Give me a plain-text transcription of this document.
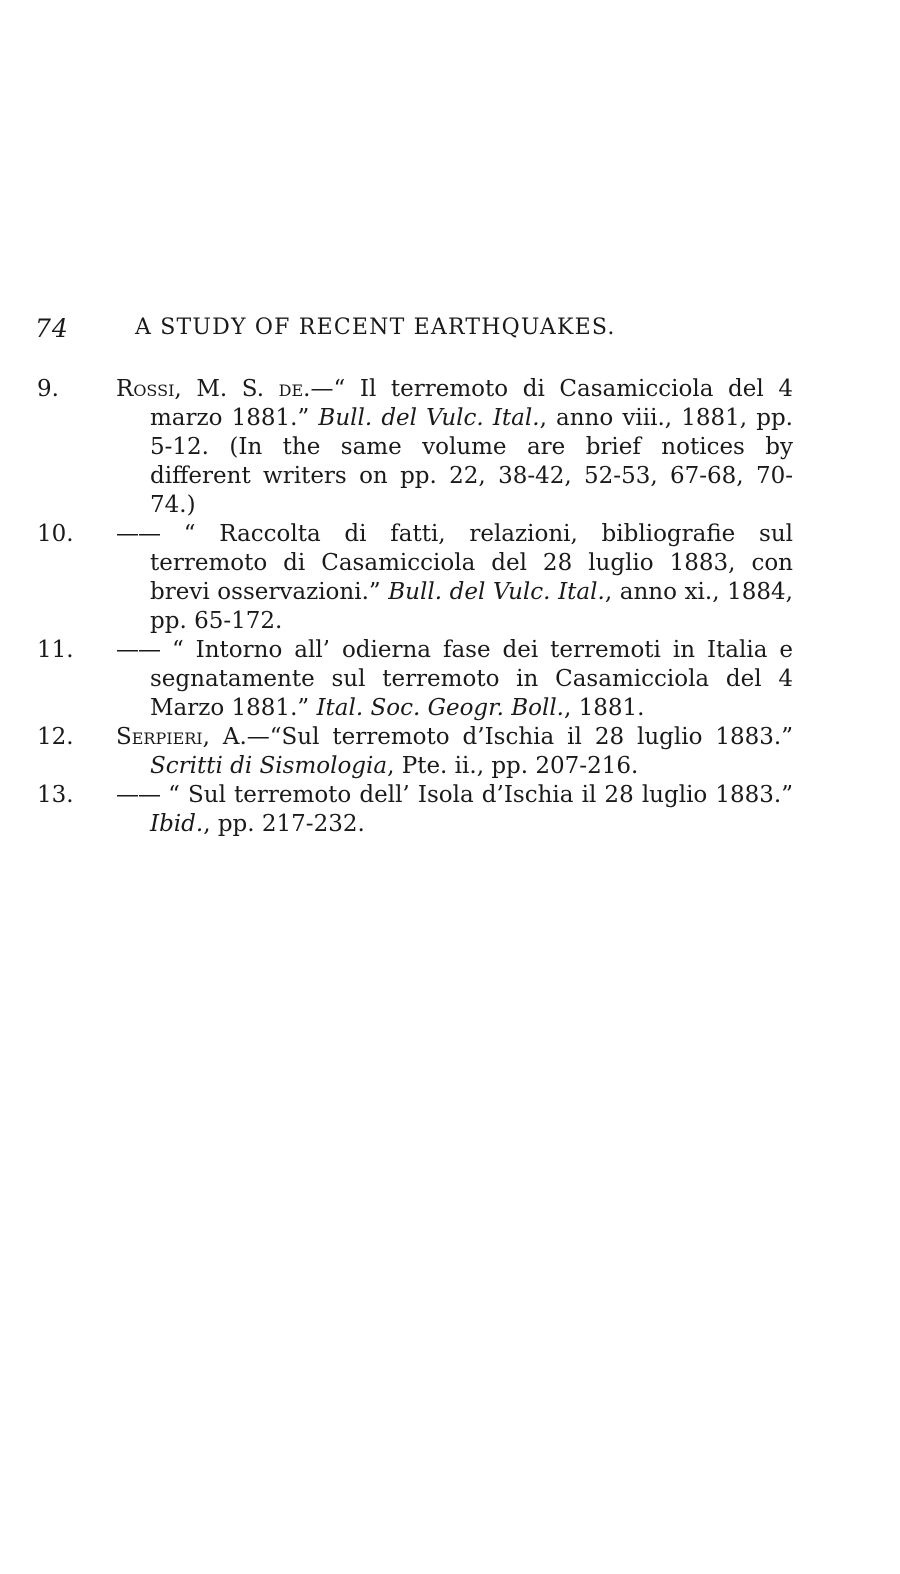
74	A STUDY OF RECENT EARTHQUAKES.
9.	Rossi, M. S. de.—“ Il terremoto di Casamicciola del 4 marzo 1881.” Bull. del Vulc. Ital., anno viii., 1881, pp. 5-12. (In the same volume are brief notices by different writers on pp. 22, 38-42, 52-53, 67-68, 70-74.)
10.	—— “ Raccolta di fatti, relazioni, bibliografie sul terremoto di Casamicciola del 28 luglio 1883, con brevi osservazioni.” Bull. del Vulc. Ital., anno xi., 1884, pp. 65-172.
11.	—— “ Intorno all’ odierna fase dei terremoti in Italia e segnatamente sul terremoto in Casamicciola del 4 Marzo 1881.” Ital. Soc. Geogr. Boll., 1881.
12.	Serpieri, A.—“Sul terremoto d’Ischia il 28 luglio 1883.” Scritti di Sismologia, Pte. ii., pp. 207-216.
13.	—— “ Sul terremoto dell’ Isola d’Ischia il 28 luglio 1883.” Ibid., pp. 217-232.
